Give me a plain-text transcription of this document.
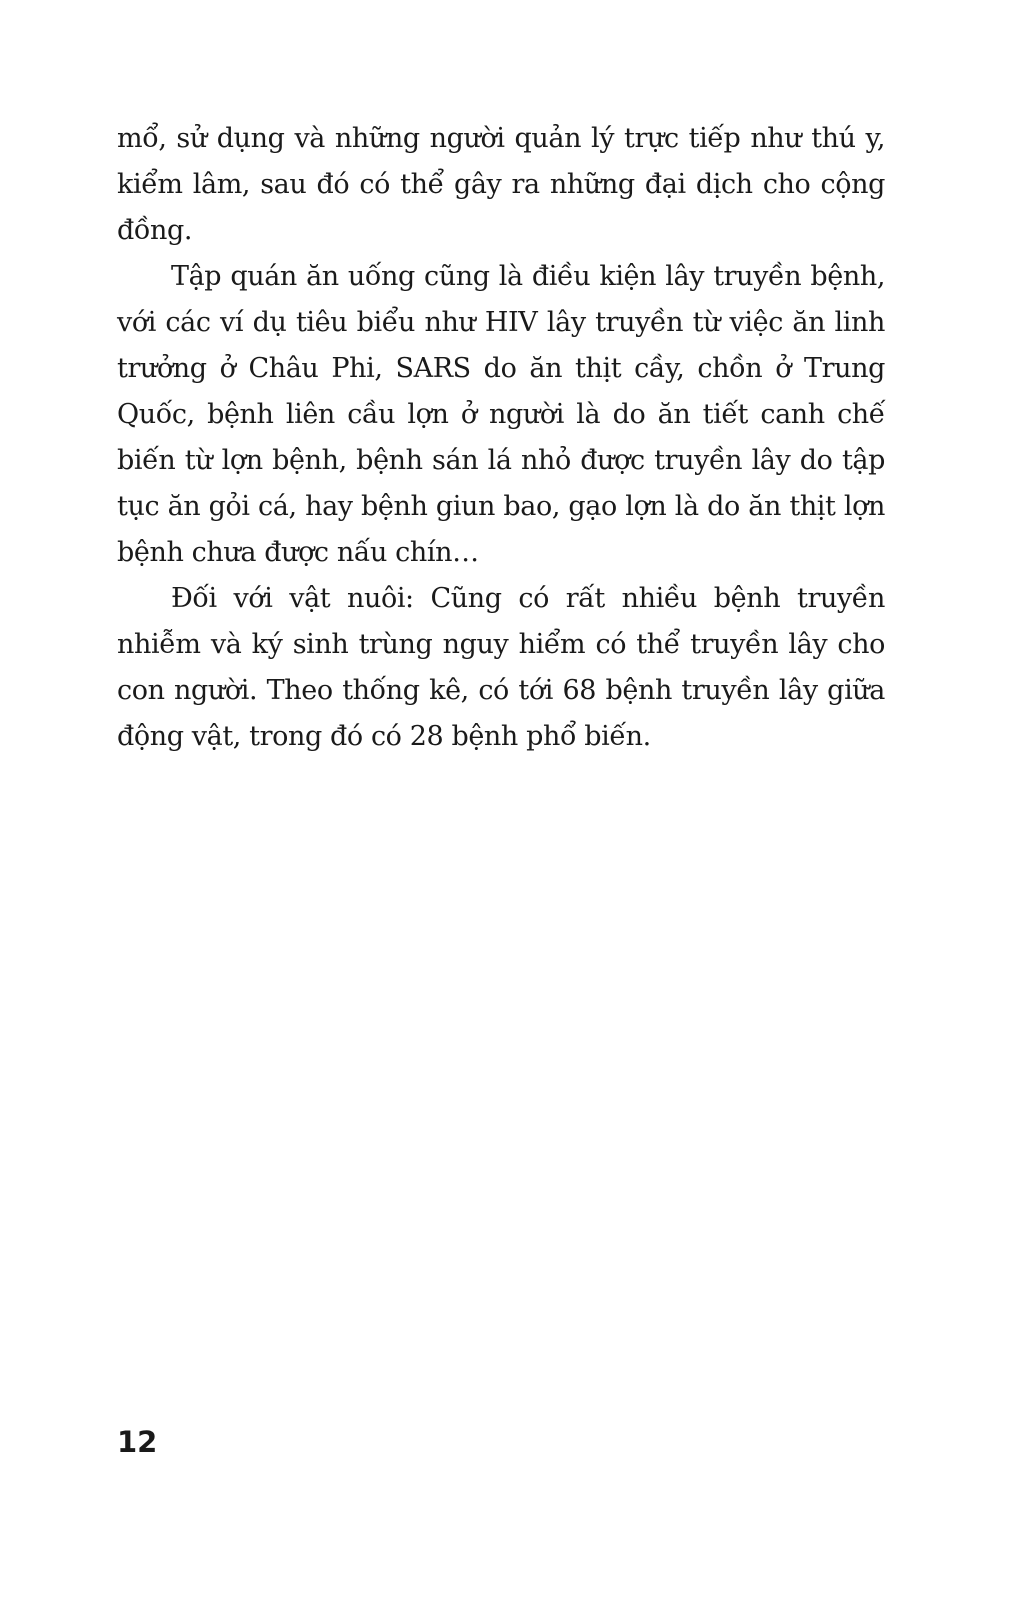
mổ, sử dụng và những người quản lý trực tiếp như thú y, kiểm lâm, sau đó có thể gây ra những đại dịch cho cộng đồng.

Tập quán ăn uống cũng là điều kiện lây truyền bệnh, với các ví dụ tiêu biểu như HIV lây truyền từ việc ăn linh trưởng ở Châu Phi, SARS do ăn thịt cầy, chồn ở Trung Quốc, bệnh liên cầu lợn ở người là do ăn tiết canh chế biến từ lợn bệnh, bệnh sán lá nhỏ được truyền lây do tập tục ăn gỏi cá, hay bệnh giun bao, gạo lợn là do ăn thịt lợn bệnh chưa được nấu chín…

Đối với vật nuôi: Cũng có rất nhiều bệnh truyền nhiễm và ký sinh trùng nguy hiểm có thể truyền lây cho con người. Theo thống kê, có tới 68 bệnh truyền lây giữa động vật, trong đó có 28 bệnh phổ biến.

12
